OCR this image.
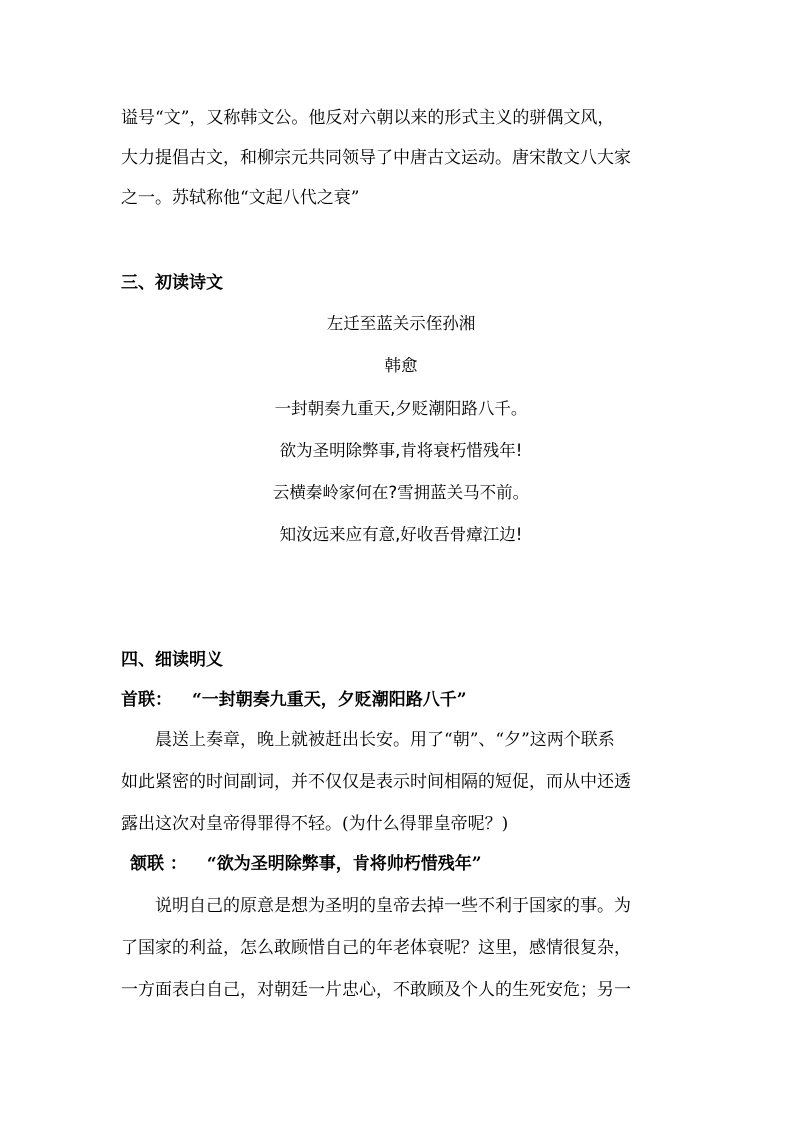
谥号“文”，又称韩文公。他反对六朝以来的形式主义的骈偶文风，
大力提倡古文，和柳宗元共同领导了中唐古文运动。唐宋散文八大家
之一。苏轼称他“文起八代之衰”
三、初读诗文
左迁至蓝关示侄孙湘
韩愈
一封朝奏九重天,夕贬潮阳路八千。
欲为圣明除弊事,肯将衰朽惜残年!
云横秦岭家何在?雪拥蓝关马不前。
知汝远来应有意,好收吾骨瘴江边!
四、细读明义
首联： “一封朝奏九重天，夕贬潮阳路八千”
晨送上奏章，晚上就被赶出长安。用了“朝”、“夕”这两个联系
如此紧密的时间副词，并不仅仅是表示时间相隔的短促，而从中还透
露出这次对皇帝得罪得不轻。(为什么得罪皇帝呢？)
颔联 ： “欲为圣明除弊事，肯将帅朽惜残年”
说明自己的原意是想为圣明的皇帝去掉一些不利于国家的事。为
了国家的利益，怎么敢顾惜自己的年老体衰呢？这里，感情很复杂，
一方面表白自己，对朝廷一片忠心，不敢顾及个人的生死安危；另一
